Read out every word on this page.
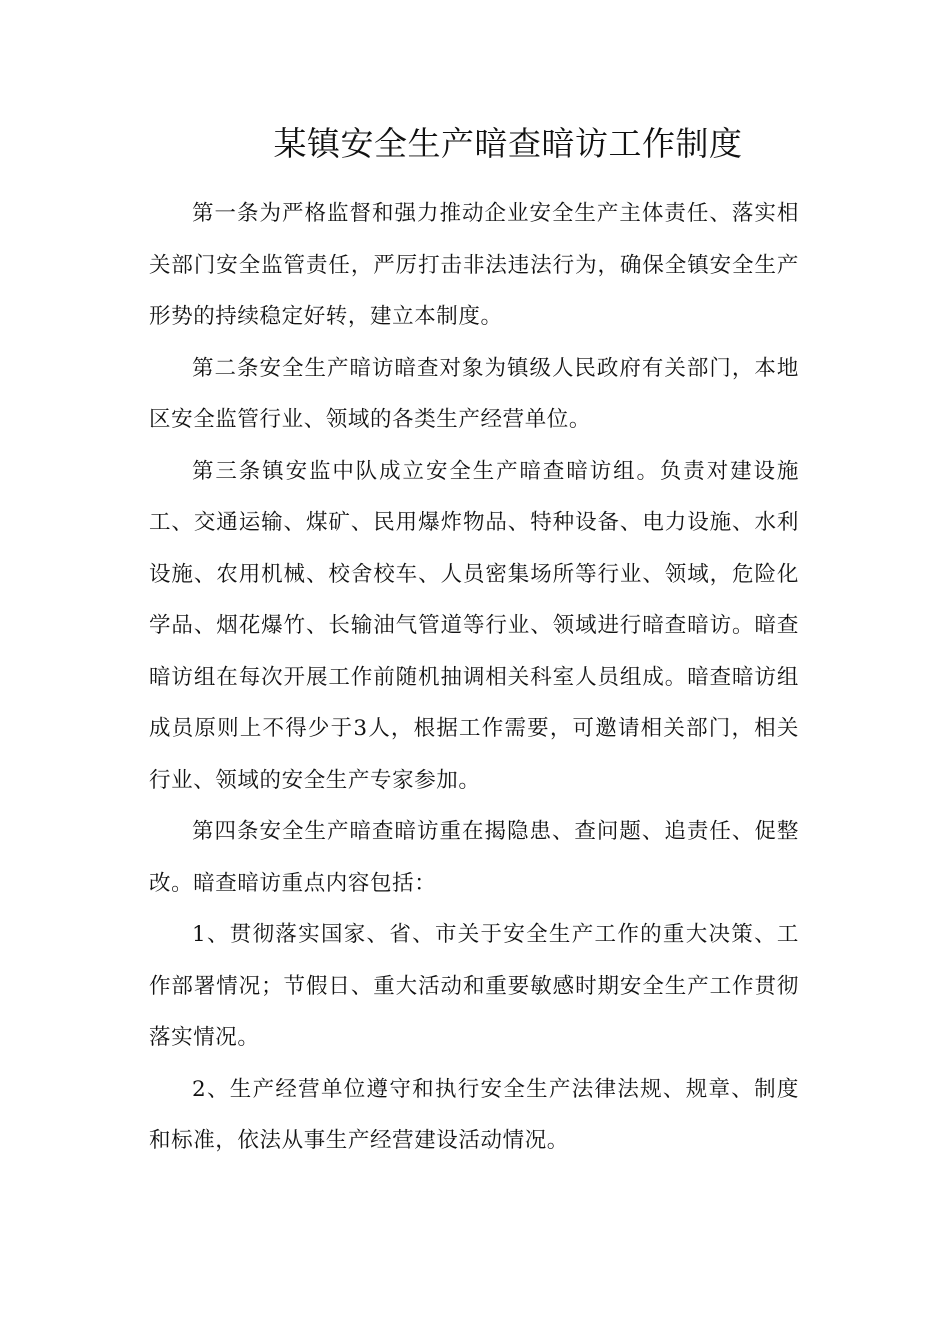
某镇安全生产暗查暗访工作制度

第一条为严格监督和强力推动企业安全生产主体责任、落实相关部门安全监管责任，严厉打击非法违法行为，确保全镇安全生产形势的持续稳定好转，建立本制度。

第二条安全生产暗访暗查对象为镇级人民政府有关部门，本地区安全监管行业、领域的各类生产经营单位。

第三条镇安监中队成立安全生产暗查暗访组。负责对建设施工、交通运输、煤矿、民用爆炸物品、特种设备、电力设施、水利设施、农用机械、校舍校车、人员密集场所等行业、领域，危险化学品、烟花爆竹、长输油气管道等行业、领域进行暗查暗访。暗查暗访组在每次开展工作前随机抽调相关科室人员组成。暗查暗访组成员原则上不得少于3人，根据工作需要，可邀请相关部门，相关行业、领域的安全生产专家参加。

第四条安全生产暗查暗访重在揭隐患、查问题、追责任、促整改。暗查暗访重点内容包括：

1、贯彻落实国家、省、市关于安全生产工作的重大决策、工作部署情况；节假日、重大活动和重要敏感时期安全生产工作贯彻落实情况。

2、生产经营单位遵守和执行安全生产法律法规、规章、制度和标准，依法从事生产经营建设活动情况。
